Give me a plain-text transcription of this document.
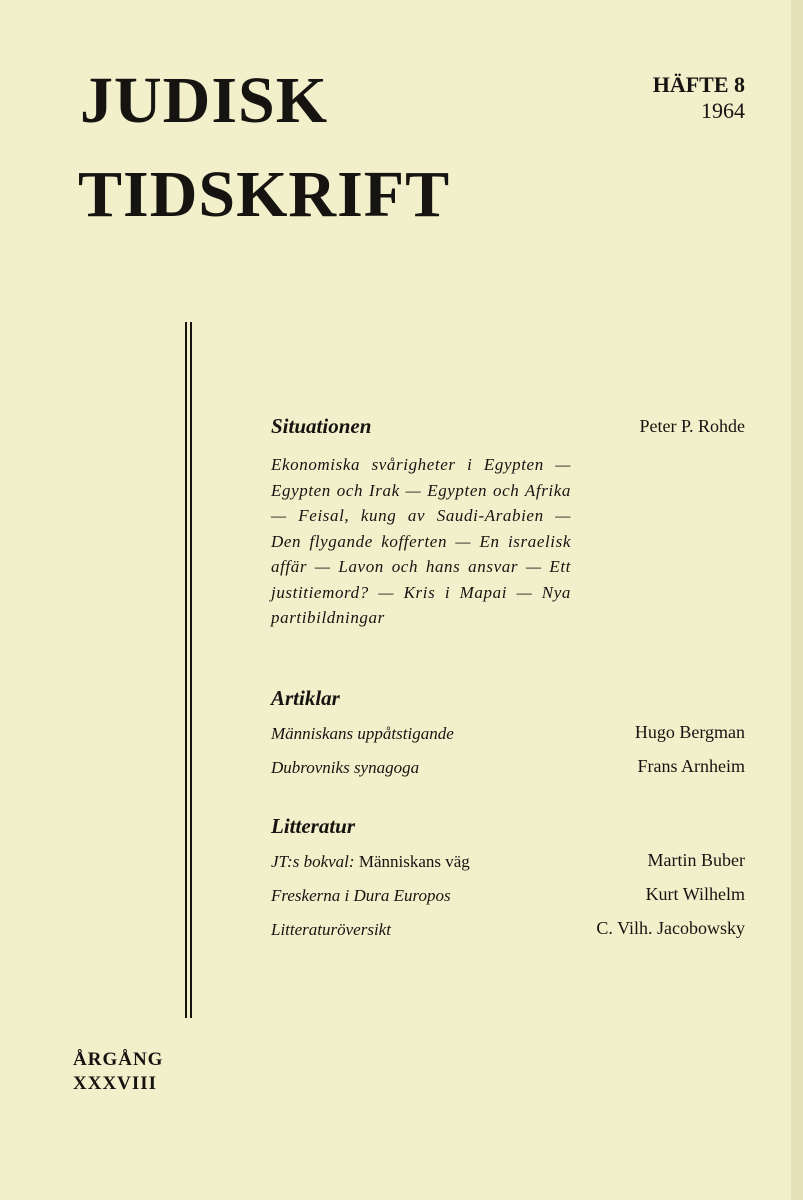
JUDISK
TIDSKRIFT
HÄFTE 8
1964
Situationen	Peter P. Rohde
Ekonomiska svårigheter i Egypten — Egypten och Irak — Egypten och Afrika — Feisal, kung av Saudi-Arabien — Den flygande kofferten — En israelisk affär — Lavon och hans ansvar — Ett justitiemord? — Kris i Mapai — Nya partibildningar
Artiklar
Människans uppåtstigande	Hugo Bergman
Dubrovniks synagoga	Frans Arnheim
Litteratur
JT:s bokval: Människans väg	Martin Buber
Freskerna i Dura Europos	Kurt Wilhelm
Litteraturöversikt	C. Vilh. Jacobowsky
ÅRGÅNG
XXXVIII
